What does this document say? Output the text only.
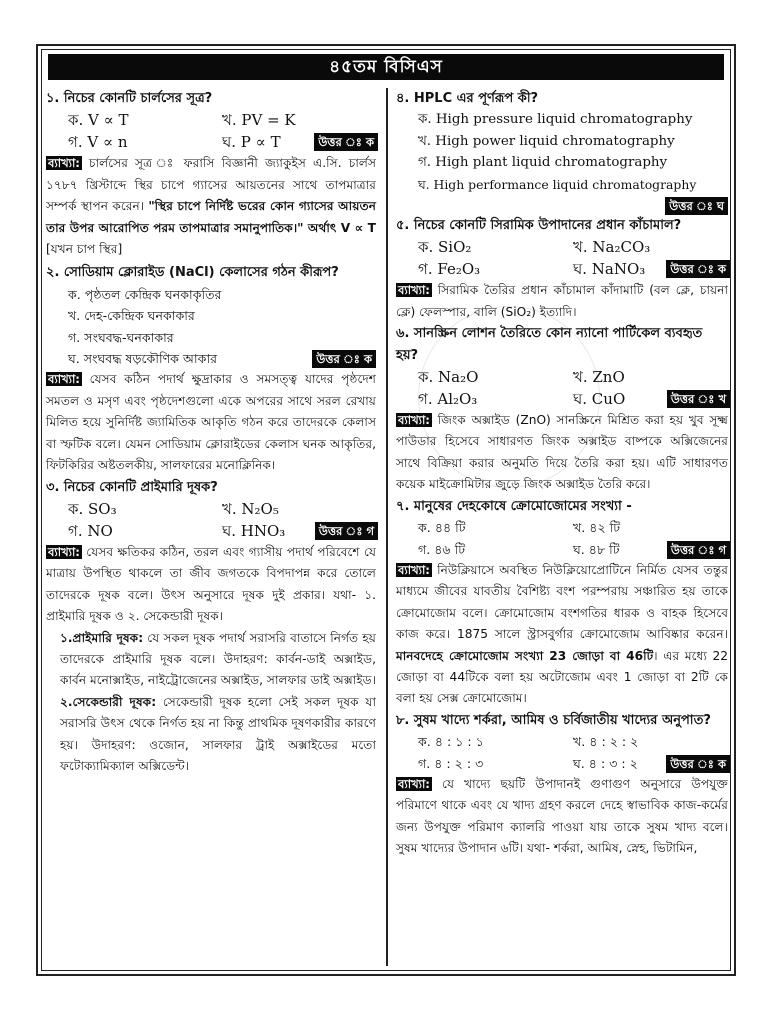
৪৫তম বিসিএস
১. নিচের কোনটি চার্লসের সূত্র?
ক. V ∝ T	খ. PV = K
গ. V ∝ n	ঘ. P ∝ T	উত্তর ঃ ক
ব্যাখ্যা: চার্লসের সূত্র ঃ ফরাসি বিজ্ঞানী জ্যাকুইস এ.সি. চার্লস ১৭৮৭ খ্রিস্টাব্দে স্থির চাপে গ্যাসের আয়তনের সাথে তাপমাত্রার সম্পর্ক স্থাপন করেন। "স্থির চাপে নির্দিষ্ট ভরের কোন গ্যাসের আয়তন তার উপর আরোপিত পরম তাপমাত্রার সমানুপাতিক।" অর্থাৎ V ∝ T [যখন চাপ স্থির]
২. সোডিয়াম ক্লোরাইড (NaCl) কেলাসের গঠন কীরূপ?
ক. পৃষ্ঠতল কেন্দ্রিক ঘনকাকৃতির
খ. দেহ-কেন্দ্রিক ঘনকাকার
গ. সংঘবদ্ধ-ঘনকাকার
ঘ. সংঘবদ্ধ ষড়কৌণিক আকার	উত্তর ঃ ক
ব্যাখ্যা: যেসব কঠিন পদার্থ ক্ষুদ্রাকার ও সমসত্ত্ব যাদের পৃষ্ঠদেশ সমতল ও মসৃণ এবং পৃষ্ঠদেশগুলো একে অপরের সাথে সরল রেখায় মিলিত হয়ে সুনির্দিষ্ট জ্যামিতিক আকৃতি গঠন করে তাদেরকে কেলাস বা স্ফটিক বলে। যেমন সোডিয়াম ক্লোরাইডের কেলাস ঘনক আকৃতির, ফিটকিরির অষ্টতলকীয়, সালফারের মনোক্লিনিক।
৩. নিচের কোনটি প্রাইমারি দূষক?
ক. SO₃	খ. N₂O₅
গ. NO	ঘ. HNO₃	উত্তর ঃ গ
ব্যাখ্যা: যেসব ক্ষতিকর কঠিন, তরল এবং গ্যাসীয় পদার্থ পরিবেশে যে মাত্রায় উপস্থিত থাকলে তা জীব জগতকে বিপদাপন্ন করে তোলে তাদেরকে দূষক বলে। উৎস অনুসারে দূষক দুই প্রকার। যথা- ১. প্রাইমারি দূষক ও ২. সেকেন্ডারী দূষক।
১.প্রাইমারি দূষক: যে সকল দূষক পদার্থ সরাসরি বাতাসে নির্গত হয় তাদেরকে প্রাইমারি দূষক বলে। উদাহরণ: কার্বন-ডাই অক্সাইড, কার্বন মনোক্সাইড, নাইট্রোজেনের অক্সাইড, সালফার ডাই অক্সাইড।
২.সেকেন্ডারী দূষক: সেকেন্ডারী দূষক হলো সেই সকল দূষক যা সরাসরি উৎস থেকে নির্গত হয় না কিন্তু প্রাথমিক দূষণকারীর কারণে হয়। উদাহরণ: ওজোন, সালফার ট্রাই অক্সাইডের মতো ফটোক্যামিক্যাল অক্সিডেন্ট।
৪. HPLC এর পূর্ণরূপ কী?
ক. High pressure liquid chromatography
খ. High power liquid chromatography
গ. High plant liquid chromatography
ঘ. High performance liquid chromatography
উত্তর ঃ ঘ
৫. নিচের কোনটি সিরামিক উপাদানের প্রধান কাঁচামাল?
ক. SiO₂	খ. Na₂CO₃
গ. Fe₂O₃	ঘ. NaNO₃	উত্তর ঃ ক
ব্যাখ্যা: সিরামিক তৈরির প্রধান কাঁচামাল কাঁদামাটি (বল ক্লে, চায়না ক্লে) ফেলস্পার, বালি (SiO₂) ইত্যাদি।
৬. সানস্ক্রিন লোশন তৈরিতে কোন ন্যানো পার্টিকেল ব্যবহৃত হয়?
ক. Na₂O	খ. ZnO
গ. Al₂O₃	ঘ. CuO	উত্তর ঃ খ
ব্যাখ্যা: জিংক অক্সাইড (ZnO) সানস্ক্রিনে মিশ্রিত করা হয় খুব সূক্ষ্ম পাউডার হিসেবে সাধারণত জিংক অক্সাইড বাষ্পকে অক্সিজেনের সাথে বিক্রিয়া করার অনুমতি দিয়ে তৈরি করা হয়। এটি সাধারণত কয়েক মাইক্রোমিটার জুড়ে জিংক অক্সাইড তৈরি করে।
৭. মানুষের দেহকোষে ক্রোমোজোমের সংখ্যা -
ক. ৪৪ টি	খ. ৪২ টি
গ. ৪৬ টি	ঘ. ৪৮ টি	উত্তর ঃ গ
ব্যাখ্যা: নিউক্লিয়াসে অবস্থিত নিউক্লিয়োপ্রোটিনে নির্মিত যেসব তন্তুর মাধ্যমে জীবের যাবতীয় বৈশিষ্ট্য বংশ পরম্পরায় সঞ্চারিত হয় তাকে ক্রোমোজোম বলে। ক্রোমোজোম বংশগতির ধারক ও বাহক হিসেবে কাজ করে। 1875 সালে স্ট্রাসবুর্গার ক্রোমোজোম আবিষ্কার করেন। মানবদেহে ক্রোমোজোম সংখ্যা 23 জোড়া বা 46টি। এর মধ্যে 22 জোড়া বা 44টিকে বলা হয় অটোজোম এবং 1 জোড়া বা 2টি কে বলা হয় সেক্স ক্রোমোজোম।
৮. সুষম খাদ্যে শর্করা, আমিষ ও চর্বিজাতীয় খাদ্যের অনুপাত?
ক. ৪ : ১ : ১	খ. ৪ : ২ : ২
গ. ৪ : ২ : ৩	ঘ. ৪ : ৩ : ২	উত্তর ঃ ক
ব্যাখ্যা: যে খাদ্যে ছয়টি উপাদানই গুণাগুণ অনুসারে উপযুক্ত পরিমাণে থাকে এবং যে খাদ্য গ্রহণ করলে দেহে স্বাভাবিক কাজ-কর্মের জন্য উপযুক্ত পরিমাণ ক্যালরি পাওয়া যায় তাকে সুষম খাদ্য বলে। সুষম খাদ্যের উপাদান ৬টি। যথা- শর্করা, আমিষ, স্নেহ, ভিটামিন,
